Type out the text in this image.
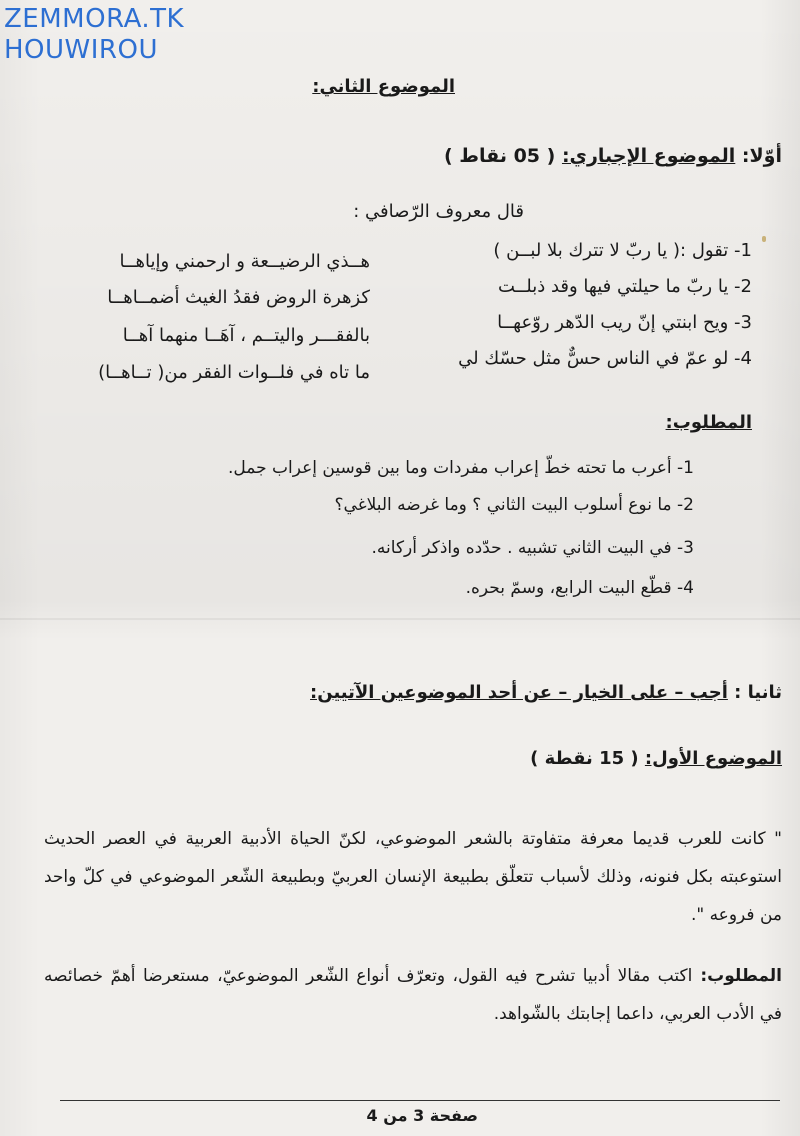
ZEMMORA.TK
HOUWIROU
الموضوع الثاني:
أوّلا: الموضوع الإجباري: ( 05 نقاط )
قال معروف الرّصافي :
1- تقول :( يا ربّ لا تترك بلا لبــن )
هــذي الرضيــعة و ارحمني وإياهــا
2- يا ربّ ما حيلتي فيها وقد ذبلــت
كزهرة الروض فقدُ الغيث أضمــاهــا
3- ويح ابنتي إنّ ريب الدّهر روّعهــا
بالفقـــر واليتــم ، آهَــا منهما آهــا
4- لو عمّ في الناس حسٌّ مثل حسّك لي
ما تاه في فلــوات الفقر من( تــاهــا)
المطلوب:
1- أعرب ما تحته خطّ إعراب مفردات وما بين قوسين إعراب جمل.
2- ما نوع أسلوب البيت الثاني ؟ وما غرضه البلاغي؟
3- في البيت الثاني تشبيه . حدّده واذكر أركانه.
4- قطّع البيت الرابع، وسمّ بحره.
ثانيا : أجب – على الخيار – عن أحد الموضوعين الآتيين:
الموضوع الأول: ( 15 نقطة )
" كانت للعرب قديما معرفة متفاوتة بالشعر الموضوعي، لكنّ الحياة الأدبية العربية في العصر الحديث استوعبته بكل فنونه، وذلك لأسباب تتعلّق بطبيعة الإنسان العربيّ وبطبيعة الشّعر الموضوعي في كلّ واحد من فروعه ".
المطلوب: اكتب مقالا أدبيا تشرح فيه القول، وتعرّف أنواع الشّعر الموضوعيّ، مستعرضا أهمّ خصائصه في الأدب العربي، داعما إجابتك بالشّواهد.
صفحة 3 من 4
